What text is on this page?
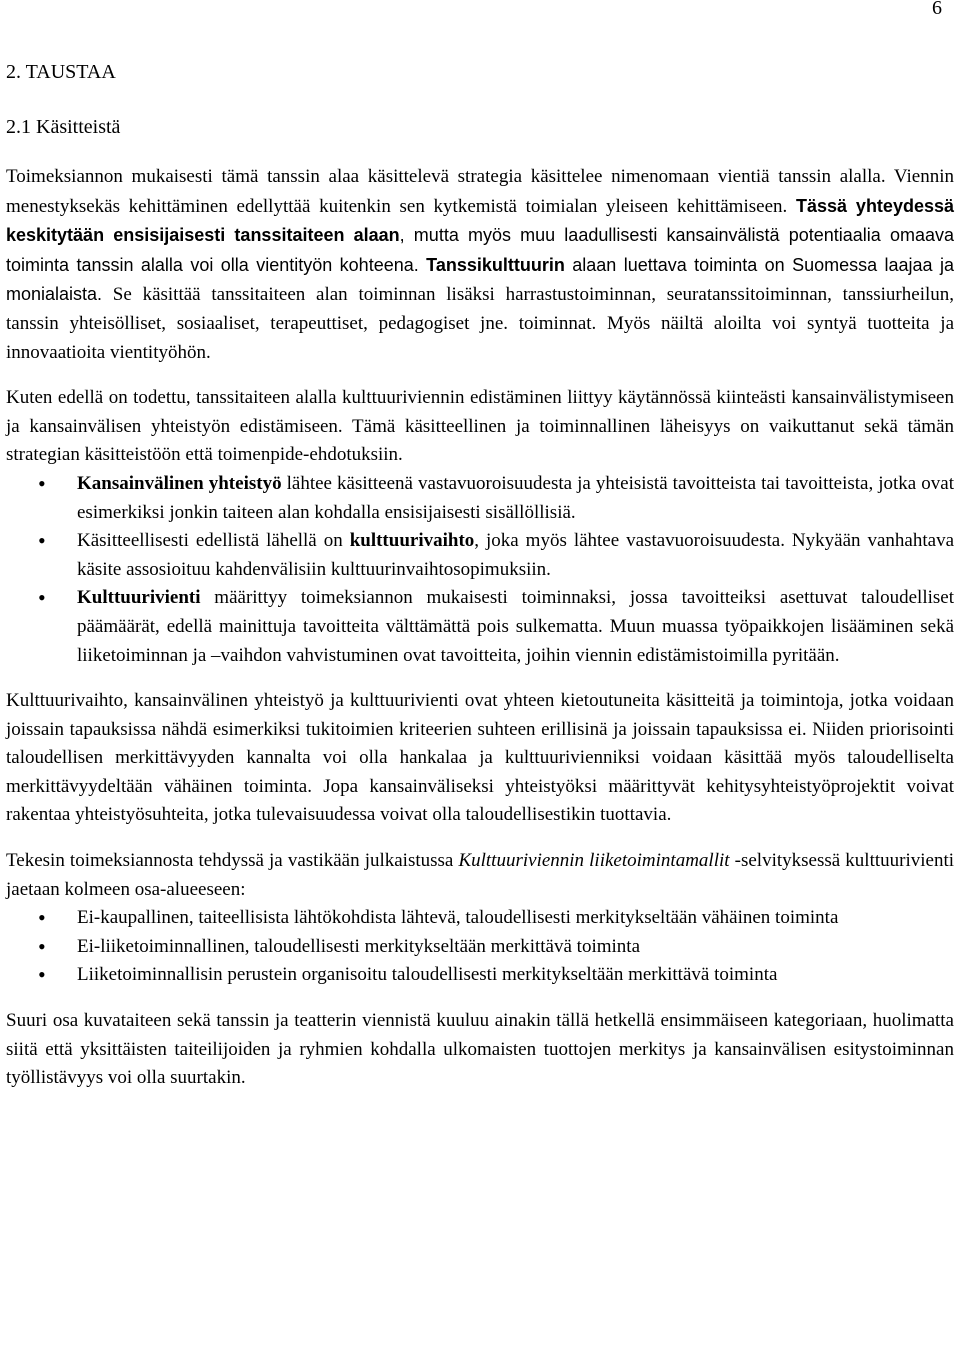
6
2. TAUSTAA
2.1 Käsitteistä

Toimeksiannon mukaisesti tämä tanssin alaa käsittelevä strategia käsittelee nimenomaan vientiä tanssin alalla. Viennin menestyksekäs kehittäminen edellyttää kuitenkin sen kytkemistä toimialan yleiseen kehittämiseen. Tässä yhteydessä keskitytään ensisijaisesti tanssitaiteen alaan, mutta myös muu laadullisesti kansainvälistä potentiaalia omaava toiminta tanssin alalla voi olla vientityön kohteena. Tanssikulttuurin alaan luettava toiminta on Suomessa laajaa ja monialaista. Se käsittää tanssitaiteen alan toiminnan lisäksi harrastustoiminnan, seuratanssitoiminnan, tanssiurheilun, tanssin yhteisölliset, sosiaaliset, terapeuttiset, pedagogiset jne. toiminnat. Myös näiltä aloilta voi syntyä tuotteita ja innovaatioita vientityöhön.

Kuten edellä on todettu, tanssitaiteen alalla kulttuuriviennin edistäminen liittyy käytännössä kiinteästi kansainvälistymiseen ja kansainvälisen yhteistyön edistämiseen. Tämä käsitteellinen ja toiminnallinen läheisyys on vaikuttanut sekä tämän strategian käsitteistöön että toimenpide-ehdotuksiin.

• Kansainvälinen yhteistyö lähtee käsitteenä vastavuoroisuudesta ja yhteisistä tavoitteista tai tavoitteista, jotka ovat esimerkiksi jonkin taiteen alan kohdalla ensisijaisesti sisällöllisiä.
• Käsitteellisesti edellistä lähellä on kulttuurivaihto, joka myös lähtee vastavuoroisuudesta. Nykyään vanhahtava käsite assosioituu kahdenvälisiin kulttuurinvaihtosopimuksiin.
• Kulttuurivienti määrittyy toimeksiannon mukaisesti toiminnaksi, jossa tavoitteiksi asettuvat taloudelliset päämäärät, edellä mainittuja tavoitteita välttämättä pois sulkematta. Muun muassa työpaikkojen lisääminen sekä liiketoiminnan ja –vaihdon vahvistuminen ovat tavoitteita, joihin viennin edistämistoimilla pyritään.

Kulttuurivaihto, kansainvälinen yhteistyö ja kulttuurivienti ovat yhteen kietoutuneita käsitteitä ja toimintoja, jotka voidaan joissain tapauksissa nähdä esimerkiksi tukitoimien kriteerien suhteen erillisinä ja joissain tapauksissa ei. Niiden priorisointi taloudellisen merkittävyyden kannalta voi olla hankalaa ja kulttuurivienniksi voidaan käsittää myös taloudelliselta merkittävyydeltään vähäinen toiminta. Jopa kansainväliseksi yhteistyöksi määrittyvät kehitysyhteistyöprojektit voivat rakentaa yhteistyösuhteita, jotka tulevaisuudessa voivat olla taloudellisestikin tuottavia.

Tekesin toimeksiannosta tehdyssä ja vastikään julkaistussa Kulttuuriviennin liiketoimintamallit -selvityksessä kulttuurivienti jaetaan kolmeen osa-alueeseen:

• Ei-kaupallinen, taiteellisista lähtökohdista lähtevä, taloudellisesti merkitykseltään vähäinen toiminta
• Ei-liiketoiminnallinen, taloudellisesti merkitykseltään merkittävä toiminta
• Liiketoiminnallisin perustein organisoitu taloudellisesti merkitykseltään merkittävä toiminta

Suuri osa kuvataiteen sekä tanssin ja teatterin viennistä kuuluu ainakin tällä hetkellä ensimmäiseen kategoriaan, huolimatta siitä että yksittäisten taiteilijoiden ja ryhmien kohdalla ulkomaisten tuottojen merkitys ja kansainvälisen esitystoiminnan työllistävyys voi olla suurtakin.
